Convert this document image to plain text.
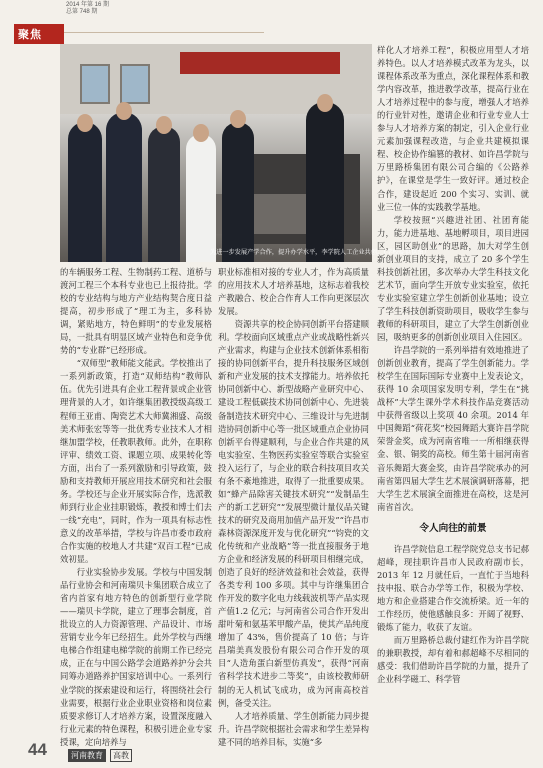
聚焦
2014 年第 16 期
总第 748 期
为进一步发展产学合作，提升办学水平，李学院人工企业共创。（学校提供供图）

的车辆服务工程、生物制药工程、道桥与渡河工程三个本科专业也已上报待批。学校的专业结构与地方产业结构契合度日益提高，初步形成了“理工为主，多科协调，紧贴地方，特色鲜明”的专业发展格局，一批具有明显区域产业特色和竞争优势的“专业群”已经形成。

“双师型”教师能文能武。学校推出了一系列新政策，打造“双师结构”教师队伍。优先引进具有企业工程背景或企业管理背景的人才，如许继集团教授级高级工程师王亚甫、陶瓷艺术大师冀湘盛、高级美术师张宏等等一批优秀专业技术人才相继加盟学校，任教职教师。此外，在职称评审、绩效工资、课题立项、成果转化等方面，出台了一系列激励和引导政策，鼓励和支持教师开展应用技术研究和社会服务。学校还与企业开展实际合作，选派教师到行业企业挂职锻炼，教授和博士们去一线“充电”，同时，作为一项具有标志性意义的改革举措，学校与许昌市委市政府合作实施的校地人才共建“双百工程”已成效初显。

行业实验协步发展。学校与中国发制品行业协会和河南瑞贝卡集团联合成立了省内首家有地方特色的创新型行业学院——瑞贝卡学院，建立了理事会制度，首批设立的人力资源管理、产品设计、市场营销专业今年已经招生。此外学校与西继电梯合作组建电梯学院的前期工作已经完成，正在与中国公路学会道路养护分会共同筹办道路养护国家培训中心。一系列行业学院的探索建设和运行，将围绕社会行业需要，根据行业企业职业资格和岗位素质要求修订人才培养方案，设置深度融入行业元素的特色课程，积极引进企业专家授课，定向培养与

职业标准相对接的专业人才，作为高质量的应用技术人才培养基地，这标志着我校产教融合、校企合作育人工作向更深层次发展。

资源共享的校企协同创新平台搭建顺利。学校面向区域重点产业或战略性新兴产业需求，构建与企业技术创新体系相衔接的协同创新平台，提升科技服务区域创新和产业发展的技术支撑能力。培养依托协同创新中心、新型战略产业研究中心、建设工程低碳技术协同创新中心、先进装备制造技术研究中心、三维设计与先进制造协同创新中心等一批区域重点企业协同创新平台得建顺利，与企业合作共建的风电实验室、生物医药实验室等联合实验室投入运行了，与企业的联合科技项目攻关有条不紊地推进，取得了一批重要成果。如“蜂产品除害关键技术研究”“发制品生产的新工艺研究”“发展型微计量仪品关键技术的研究及商用加值产品开发”“许昌市森林资源深度开发与优化研究”“钧瓷的文化传统和产业战略”等一批直接服务于地方企业和经济发展的科研项目相继完成，创造了良好的经济效益和社会效益，获得各类专利 100 多项。其中与许继集团合作开发的数字化电力线载波机等产品实现产值1.2 亿元；与河南省公司合作开发出甜叶菊和氨基苯甲酸产品，使其产品纯度增加了 43%，售价提高了 10 倍；与许昌瑞美真发股份有限公司合作开发的项目“人造角蛋白新型仿真发”，获得“河南省科学技术进步二等奖”，由该校教师研制的无人机试飞成功，成为河南高校首例，备受关注。

人才培养质量、学生创新能力同步提升。许昌学院根据社会需求和学生差异构建不同的培养目标，实施“多

样化人才培养工程”，积极应用型人才培养特色。以人才培养模式改革为龙头，以课程体系改革为重点，深化课程体系和教学内容改革，推进教学改革，提高行业在人才培养过程中的参与度，增强人才培养的行业针对性，邀请企业和行业专业人士参与人才培养方案的制定，引入企业行业元素加强课程改造，与企业共建模拟课程、校企协作编篡的教材、如许昌学院与万里路桥集团有限公司合编的《公路养护》，在课堂是学生一致好评。通过校企合作，建设起近 200 个实习、实训、就业三位一体的实践教学基地。

学校按照“兴趣进社团、社团育能力，能力进基地、基地孵项目，项目进园区，园区助创业”的思路，加大对学生创新创业项目的支持，成立了 20 多个学生科技创新社团，多次举办大学生科技文化艺术节，面向学生开放专业实验室，依托专业实验室建立学生创新创业基地；设立了学生科技创新资助项目，吸收学生参与教师的科研项目，建立了大学生创新创业园，吸纳更多的创新创业项目入住园区。

许昌学院的一系列举措有效地推进了创新创业教育，提高了学生创新能力。学校学生在国际国际专业赛中上发表论文，获得 10 余项国家发明专利，学生在“挑战杯”大学生课外学术科技作品竞赛活动中获得省级以上奖项 40 余项。2014 年中国舞蹈“荷花奖”校园舞蹈大赛许昌学院荣誉金奖，成为河南省唯一一所相继获得金、银、铜奖的高校。师生第十届河南省音乐舞蹈大赛金奖，由许昌学院承办的河南省第四届大学生艺术展演调研落幕，把大学生艺术展演全面推进在高校，这是河南省首次。

令人向往的前景

许昌学院信息工程学院党总支书记郝超峰，现挂职许昌市人民政府副市长，2013 年 12 月就任后，一直忙于当地科技申报、联合办学等工作，积极为学校、地方和企业搭建合作交流桥梁。近一年的工作经历，使他感触良多：开阔了视野、锻炼了能力，收获了友谊。

而万里路桥总裁付建红作为许昌学院的兼职教授，却有着和郝超峰不尽相同的感受：我们借助许昌学院的力量，提升了企业科学磁工、科学管

44	河南教育	高教
